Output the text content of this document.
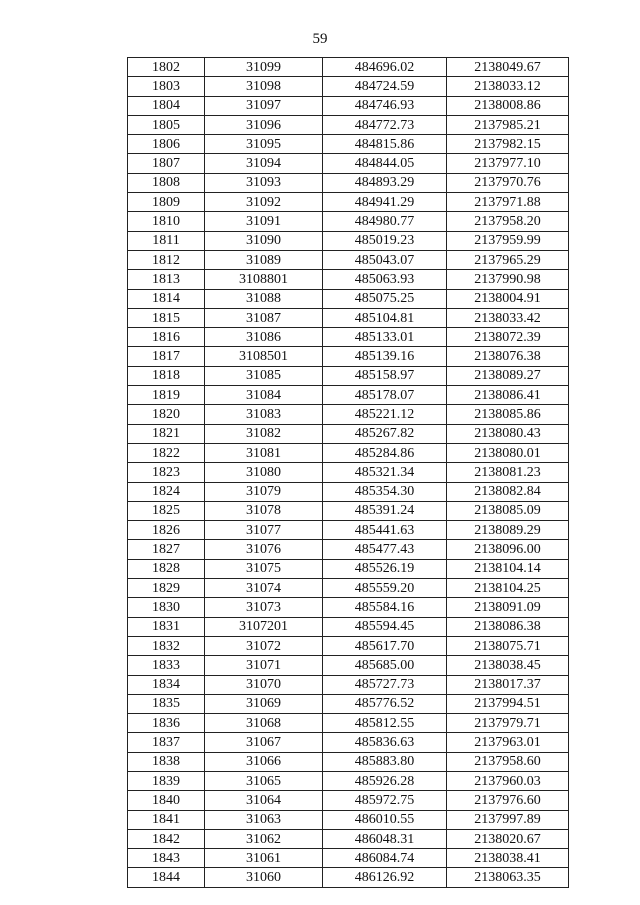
59
1802	31099	484696.02	2138049.67
1803	31098	484724.59	2138033.12
1804	31097	484746.93	2138008.86
1805	31096	484772.73	2137985.21
1806	31095	484815.86	2137982.15
1807	31094	484844.05	2137977.10
1808	31093	484893.29	2137970.76
1809	31092	484941.29	2137971.88
1810	31091	484980.77	2137958.20
1811	31090	485019.23	2137959.99
1812	31089	485043.07	2137965.29
1813	3108801	485063.93	2137990.98
1814	31088	485075.25	2138004.91
1815	31087	485104.81	2138033.42
1816	31086	485133.01	2138072.39
1817	3108501	485139.16	2138076.38
1818	31085	485158.97	2138089.27
1819	31084	485178.07	2138086.41
1820	31083	485221.12	2138085.86
1821	31082	485267.82	2138080.43
1822	31081	485284.86	2138080.01
1823	31080	485321.34	2138081.23
1824	31079	485354.30	2138082.84
1825	31078	485391.24	2138085.09
1826	31077	485441.63	2138089.29
1827	31076	485477.43	2138096.00
1828	31075	485526.19	2138104.14
1829	31074	485559.20	2138104.25
1830	31073	485584.16	2138091.09
1831	3107201	485594.45	2138086.38
1832	31072	485617.70	2138075.71
1833	31071	485685.00	2138038.45
1834	31070	485727.73	2138017.37
1835	31069	485776.52	2137994.51
1836	31068	485812.55	2137979.71
1837	31067	485836.63	2137963.01
1838	31066	485883.80	2137958.60
1839	31065	485926.28	2137960.03
1840	31064	485972.75	2137976.60
1841	31063	486010.55	2137997.89
1842	31062	486048.31	2138020.67
1843	31061	486084.74	2138038.41
1844	31060	486126.92	2138063.35
